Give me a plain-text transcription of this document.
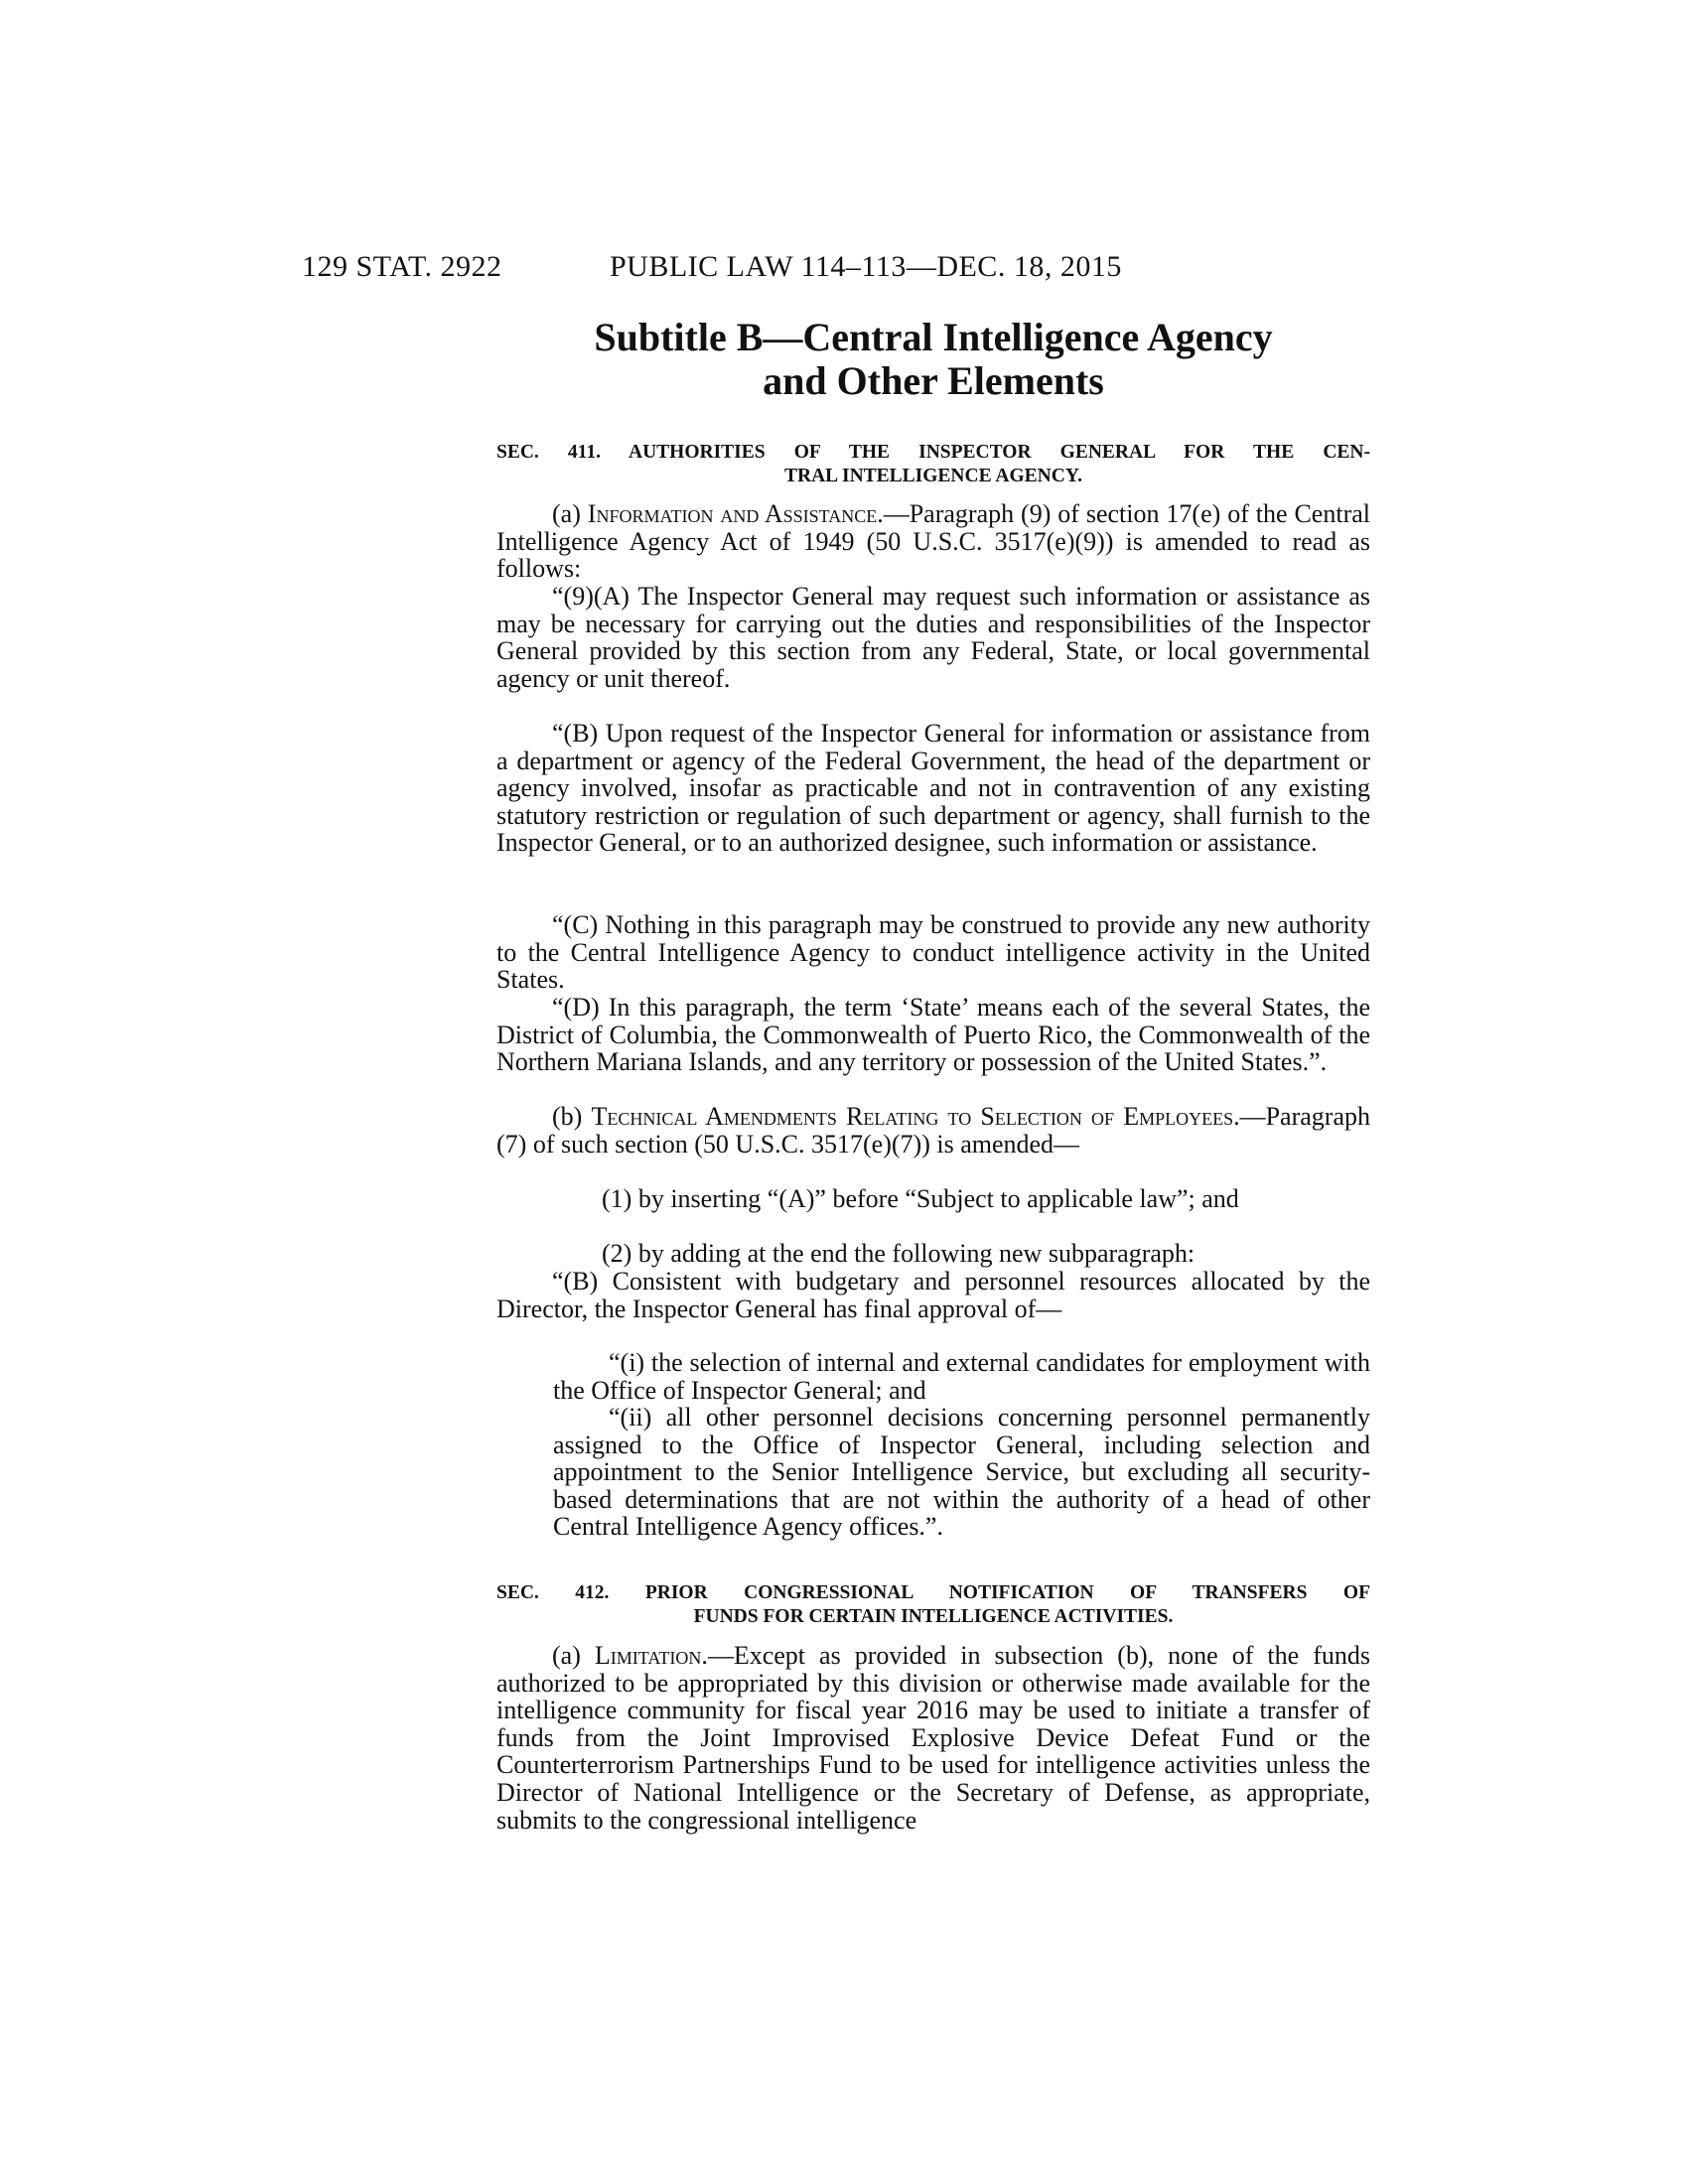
129 STAT. 2922	PUBLIC LAW 114–113—DEC. 18, 2015
Subtitle B—Central Intelligence Agency
and Other Elements
SEC. 411. AUTHORITIES OF THE INSPECTOR GENERAL FOR THE CEN-
TRAL INTELLIGENCE AGENCY.

(a) Information and Assistance.—Paragraph (9) of section 17(e) of the Central Intelligence Agency Act of 1949 (50 U.S.C. 3517(e)(9)) is amended to read as follows:

“(9)(A) The Inspector General may request such information or assistance as may be necessary for carrying out the duties and responsibilities of the Inspector General provided by this section from any Federal, State, or local governmental agency or unit thereof.

“(B) Upon request of the Inspector General for information or assistance from a department or agency of the Federal Government, the head of the department or agency involved, insofar as practicable and not in contravention of any existing statutory restriction or regulation of such department or agency, shall furnish to the Inspector General, or to an authorized designee, such information or assistance.

“(C) Nothing in this paragraph may be construed to provide any new authority to the Central Intelligence Agency to conduct intelligence activity in the United States.

“(D) In this paragraph, the term ‘State’ means each of the several States, the District of Columbia, the Commonwealth of Puerto Rico, the Commonwealth of the Northern Mariana Islands, and any territory or possession of the United States.”.

(b) Technical Amendments Relating to Selection of Employees.—Paragraph (7) of such section (50 U.S.C. 3517(e)(7)) is amended—

(1) by inserting “(A)” before “Subject to applicable law”; and

(2) by adding at the end the following new subparagraph:

“(B) Consistent with budgetary and personnel resources allocated by the Director, the Inspector General has final approval of—

“(i) the selection of internal and external candidates for employment with the Office of Inspector General; and

“(ii) all other personnel decisions concerning personnel permanently assigned to the Office of Inspector General, including selection and appointment to the Senior Intelligence Service, but excluding all security-based determinations that are not within the authority of a head of other Central Intelligence Agency offices.”.

SEC. 412. PRIOR CONGRESSIONAL NOTIFICATION OF TRANSFERS OF
FUNDS FOR CERTAIN INTELLIGENCE ACTIVITIES.

(a) Limitation.—Except as provided in subsection (b), none of the funds authorized to be appropriated by this division or otherwise made available for the intelligence community for fiscal year 2016 may be used to initiate a transfer of funds from the Joint Improvised Explosive Device Defeat Fund or the Counterterrorism Partnerships Fund to be used for intelligence activities unless the Director of National Intelligence or the Secretary of Defense, as appropriate, submits to the congressional intelligence
